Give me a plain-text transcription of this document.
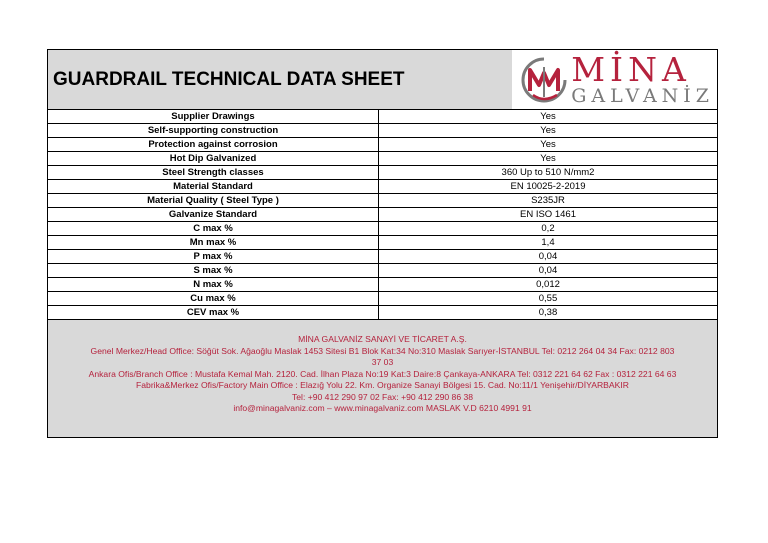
GUARDRAIL TECHNICAL DATA SHEET	MİNA
GALVANİZ
Supplier Drawings	Yes
Self-supporting construction	Yes
Protection against corrosion	Yes
Hot Dip Galvanized	Yes
Steel Strength classes	360 Up to 510 N/mm2
Material Standard	EN 10025-2-2019
Material Quality ( Steel Type )	S235JR
Galvanize Standard	EN ISO 1461
C max %	0,2
Mn max %	1,4
P max %	0,04
S max %	0,04
N max %	0,012
Cu max %	0,55
CEV max %	0,38
MİNA GALVANİZ SANAYİ VE TİCARET A.Ş.
Genel Merkez/Head Office: Söğüt Sok. Ağaoğlu Maslak 1453 Sitesi B1 Blok Kat:34 No:310 Maslak Sarıyer-İSTANBUL Tel: 0212 264 04 34 Fax: 0212 803 37 03
Ankara Ofis/Branch Office : Mustafa Kemal Mah. 2120. Cad. İlhan Plaza No:19 Kat:3 Daire:8 Çankaya-ANKARA Tel: 0312 221 64 62 Fax : 0312 221 64 63
Fabrika&Merkez Ofis/Factory Main Office : Elazığ Yolu 22. Km. Organize Sanayi Bölgesi 15. Cad. No:11/1 Yenişehir/DİYARBAKIR
Tel: +90 412 290 97 02 Fax: +90 412 290 86 38
info@minagalvaniz.com – www.minagalvaniz.com MASLAK V.D 6210 4991 91
